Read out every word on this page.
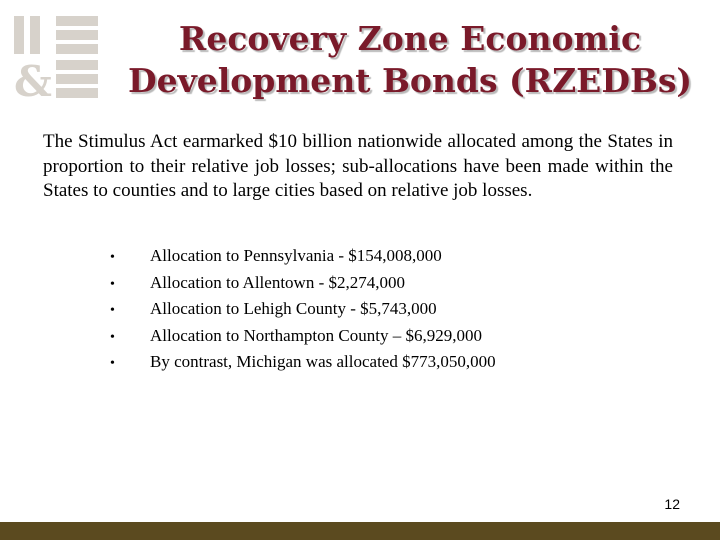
&
Recovery Zone Economic
Development Bonds (RZEDBs)

The Stimulus Act earmarked $10 billion nationwide allocated among the States in proportion to their relative job losses; sub-allocations have been made within the States to counties and to large cities based on relative job losses.

•	Allocation to Pennsylvania - $154,008,000
•	Allocation to Allentown - $2,274,000
•	Allocation to Lehigh County - $5,743,000
•	Allocation to Northampton County – $6,929,000
•	By contrast, Michigan was allocated $773,050,000
12
